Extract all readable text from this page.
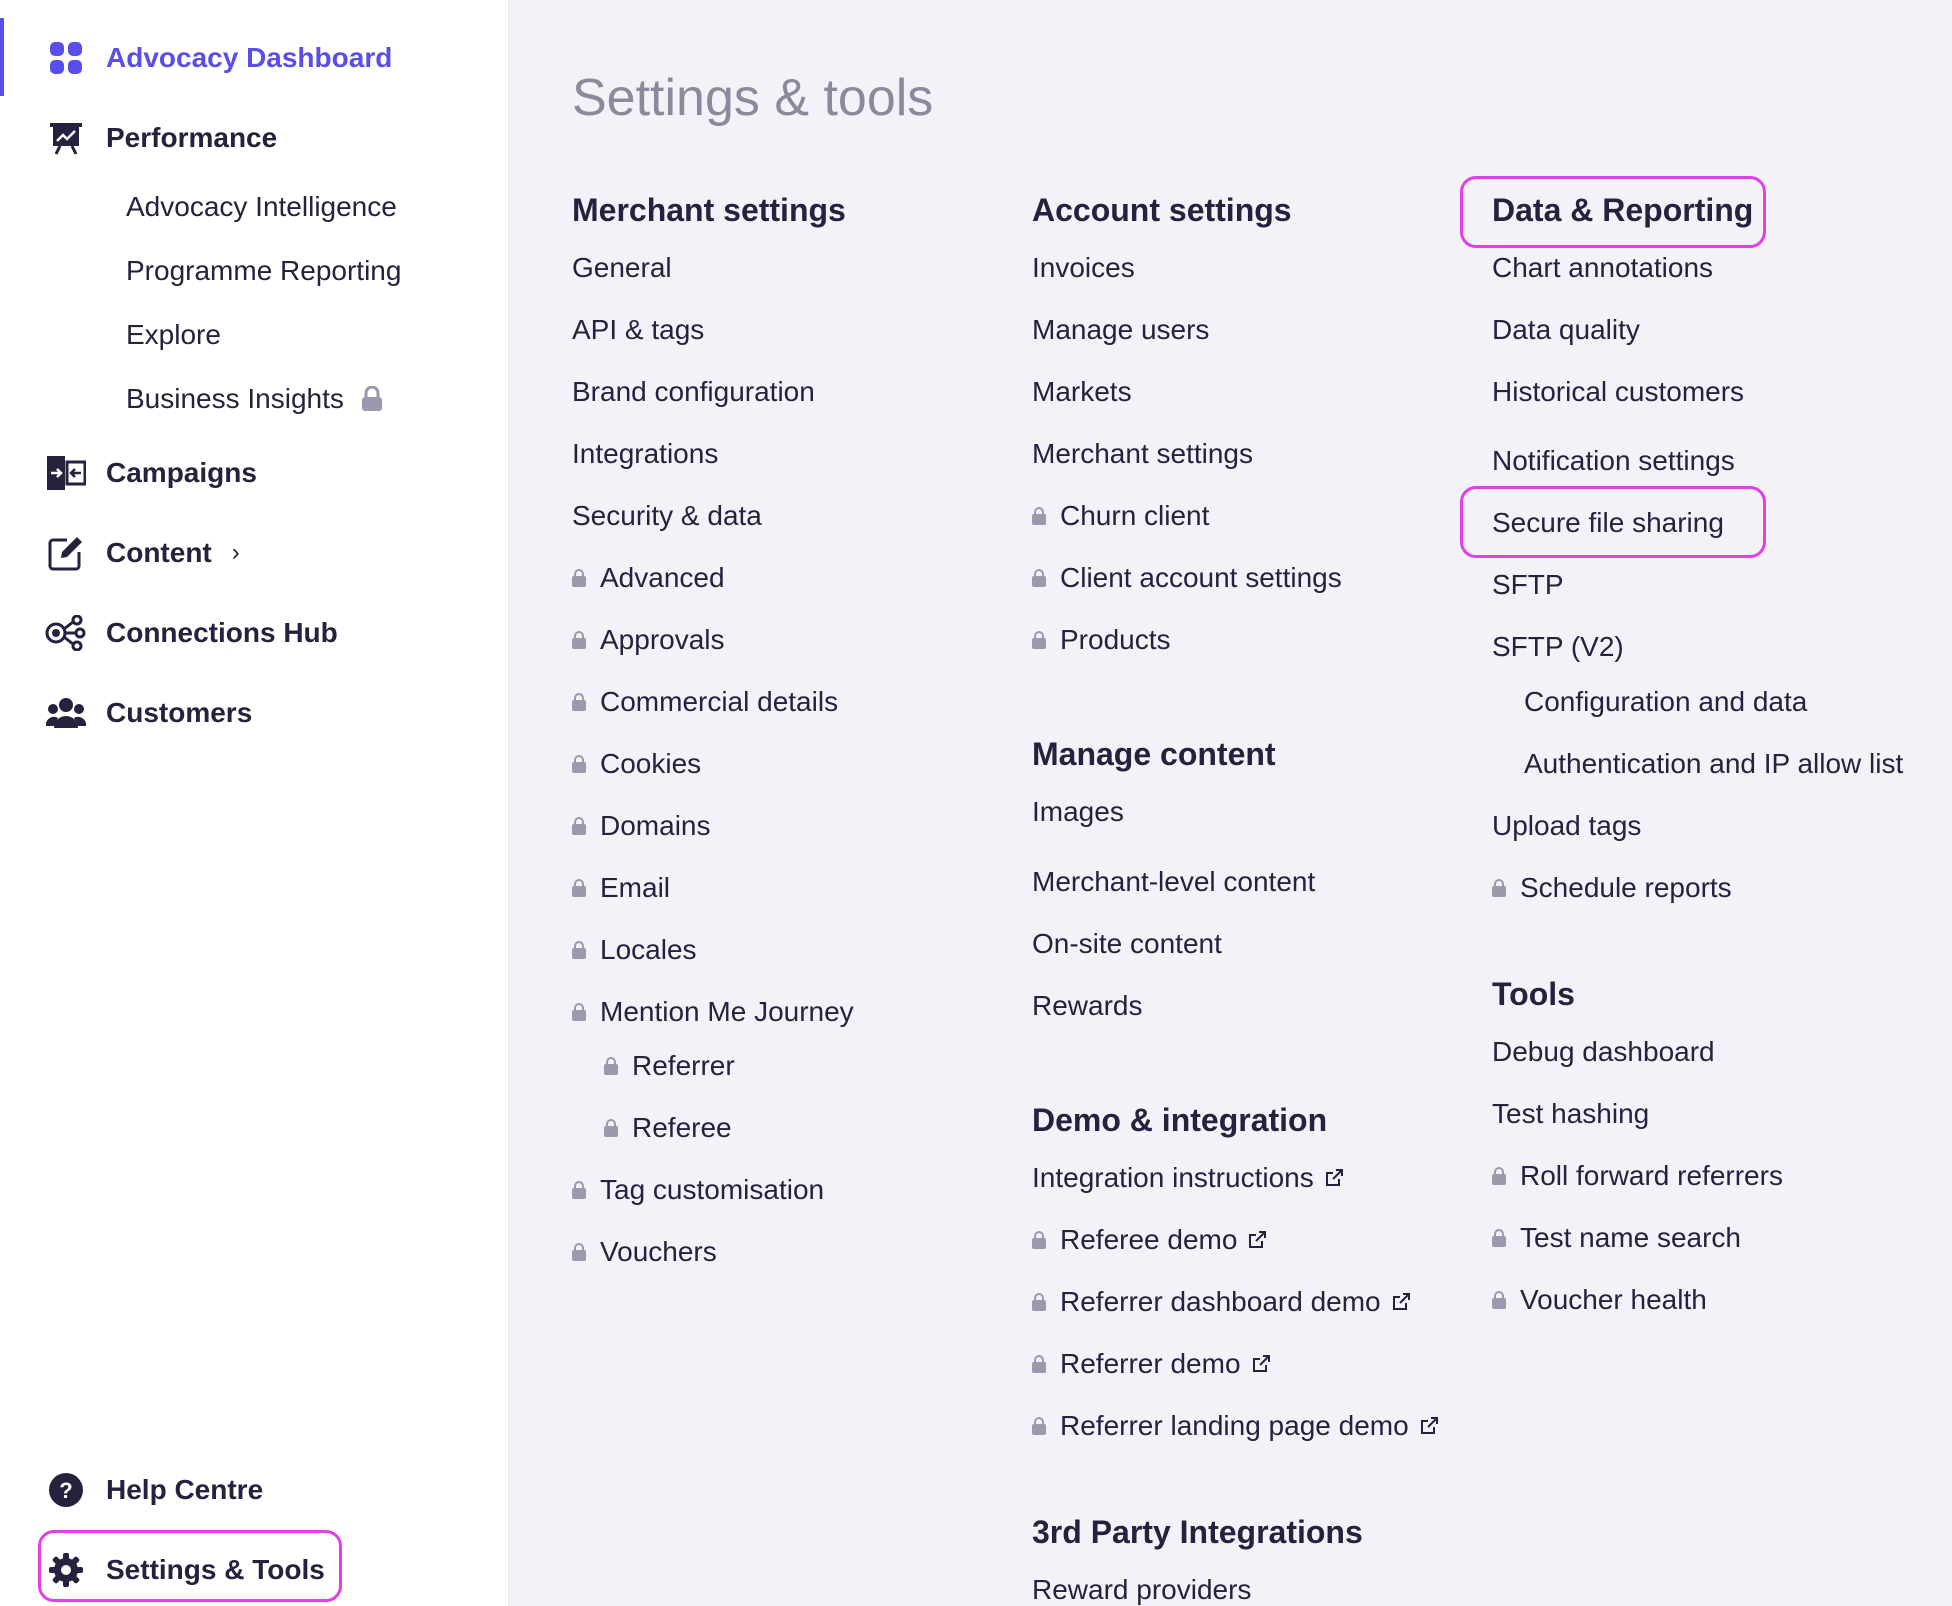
Advocacy Dashboard
Performance
Advocacy Intelligence
Programme Reporting
Explore
Business Insights
Campaigns
Content ›
Connections Hub
Customers
? Help Centre
Settings & Tools
Settings & tools
Merchant settings
General
API & tags
Brand configuration
Integrations
Security & data
Advanced
Approvals
Commercial details
Cookies
Domains
Email
Locales
Mention Me Journey
Referrer
Referee
Tag customisation
Vouchers
Account settings
Invoices
Manage users
Markets
Merchant settings
Churn client
Client account settings
Products
Manage content
Images
Merchant-level content
On-site content
Rewards
Demo & integration
Integration instructions
Referee demo
Referrer dashboard demo
Referrer demo
Referrer landing page demo
3rd Party Integrations
Reward providers
Data & Reporting
Chart annotations
Data quality
Historical customers
Notification settings
Secure file sharing
SFTP
SFTP (V2)
Configuration and data
Authentication and IP allow list
Upload tags
Schedule reports
Tools
Debug dashboard
Test hashing
Roll forward referrers
Test name search
Voucher health
